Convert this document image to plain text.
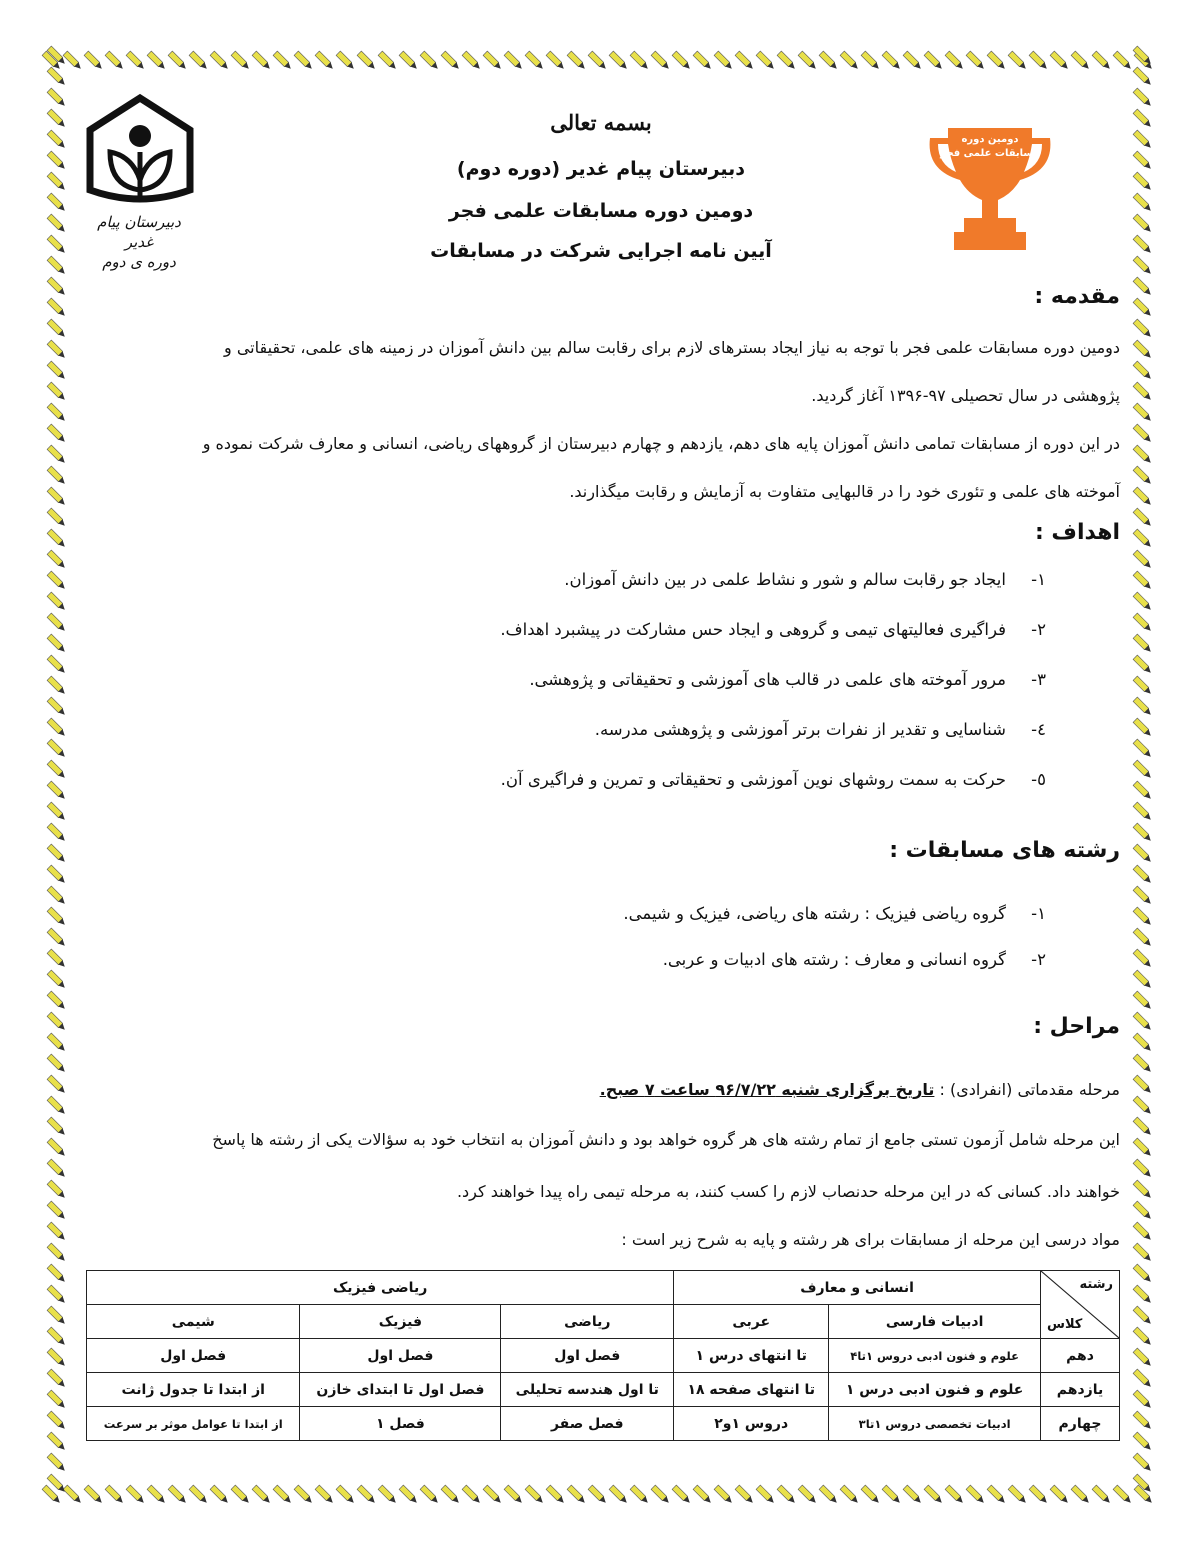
دبیرستان پیام غدیر
دوره ی دوم
دومین دوره
مسابقات علمی فجر
بسمه تعالی
دبیرستان پیام غدیر (دوره دوم)
دومین دوره مسابقات علمی فجر
آیین نامه اجرایی شرکت در مسابقات
مقدمه :
دومین دوره مسابقات علمی فجر با توجه به نیاز ایجاد بسترهای لازم برای رقابت سالم بین دانش آموزان در زمینه های علمی، تحقیقاتی و
پژوهشی در سال تحصیلی ۹۷-۱۳۹۶ آغاز گردید.
در این دوره از مسابقات تمامی دانش آموزان پایه های دهم، یازدهم و چهارم دبیرستان از گروههای ریاضی، انسانی و معارف شرکت نموده و
آموخته های علمی و تئوری خود را در قالبهایی متفاوت به آزمایش و رقابت میگذارند.
اهداف :
۱-ایجاد جو رقابت سالم و شور و نشاط علمی در بین دانش آموزان.
۲-فراگیری فعالیتهای تیمی و گروهی و ایجاد حس مشارکت در پیشبرد اهداف.
۳-مرور آموخته های علمی در قالب های آموزشی و تحقیقاتی و پژوهشی.
٤-شناسایی و تقدیر از نفرات برتر آموزشی و پژوهشی مدرسه.
٥-حرکت به سمت روشهای نوین آموزشی و تحقیقاتی و تمرین و فراگیری آن.
رشته های مسابقات :
۱-گروه ریاضی فیزیک : رشته های ریاضی، فیزیک و شیمی.
۲-گروه انسانی و معارف : رشته های ادبیات و عربی.
مراحل :
مرحله مقدماتی (انفرادی) : تاریخ برگزاری شنبه ۹۶/۷/۲۲ ساعت ۷ صبح.
این مرحله شامل آزمون تستی جامع از تمام رشته های هر گروه خواهد بود و دانش آموزان به انتخاب خود به سؤالات یکی از رشته ها پاسخ
خواهند داد. کسانی که در این مرحله حدنصاب لازم را کسب کنند، به مرحله تیمی راه پیدا خواهند کرد.
مواد درسی این مرحله از مسابقات برای هر رشته و پایه به شرح زیر است :
رشته
کلاس	انسانی و معارف		ریاضی فیزیک		
	ادبیات فارسی	عربی	ریاضی	فیزیک	شیمی
دهم	علوم و فنون ادبی دروس ۱تا۴	تا انتهای درس ۱	فصل اول	فصل اول	فصل اول
یازدهم	علوم و فنون ادبی درس ۱	تا انتهای صفحه ۱۸	تا اول هندسه تحلیلی	فصل اول تا ابتدای خازن	از ابتدا تا جدول ژانت
چهارم	ادبیات تخصصی دروس ۱تا۳	دروس ۱و۲	فصل صفر	فصل ۱	از ابتدا تا عوامل موثر بر سرعت
